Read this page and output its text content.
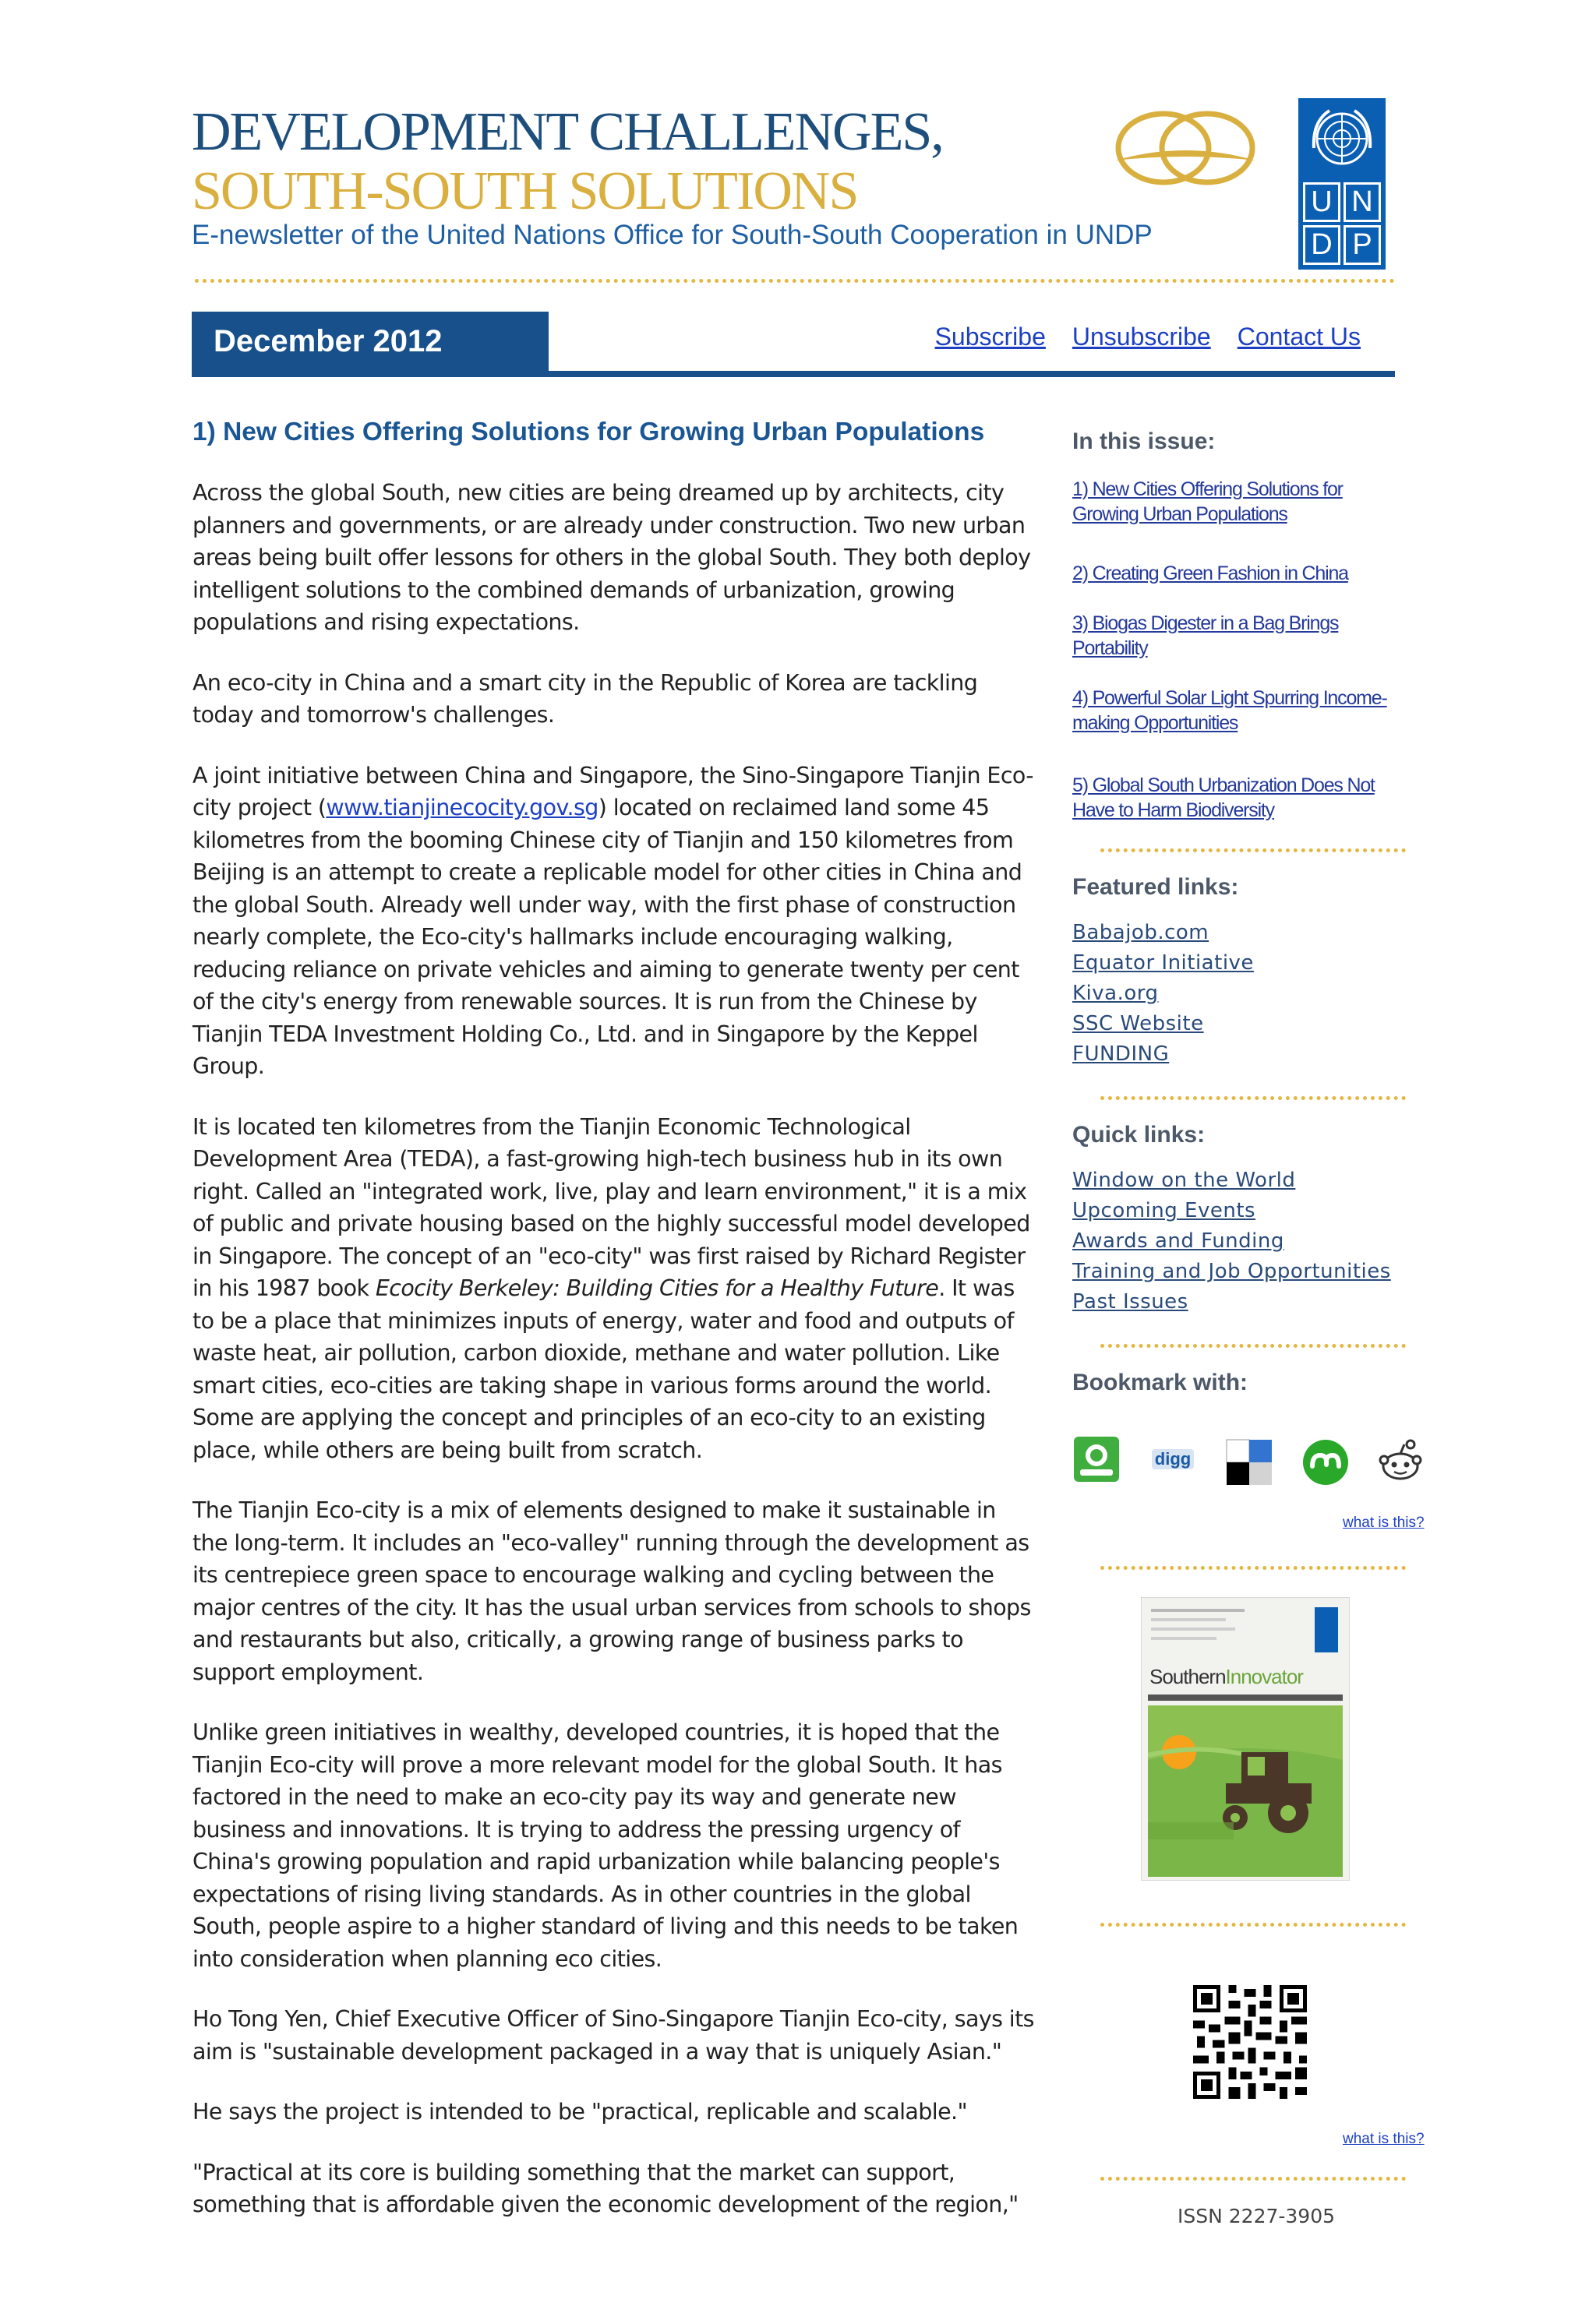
DEVELOPMENT CHALLENGES,
SOUTH-SOUTH SOLUTIONS
E-newsletter of the United Nations Office for South-South Cooperation in UNDP
U N
D P
December 2012	Subscribe Unsubscribe Contact Us
1) New Cities Offering Solutions for Growing Urban Populations

Across the global South, new cities are being dreamed up by architects, city planners and governments, or are already under construction. Two new urban areas being built offer lessons for others in the global South. They both deploy intelligent solutions to the combined demands of urbanization, growing populations and rising expectations.

An eco-city in China and a smart city in the Republic of Korea are tackling today and tomorrow's challenges.

A joint initiative between China and Singapore, the Sino-Singapore Tianjin Eco-city project (www.tianjinecocity.gov.sg) located on reclaimed land some 45 kilometres from the booming Chinese city of Tianjin and 150 kilometres from Beijing is an attempt to create a replicable model for other cities in China and the global South. Already well under way, with the first phase of construction nearly complete, the Eco-city's hallmarks include encouraging walking, reducing reliance on private vehicles and aiming to generate twenty per cent of the city's energy from renewable sources. It is run from the Chinese by Tianjin TEDA Investment Holding Co., Ltd. and in Singapore by the Keppel Group.

It is located ten kilometres from the Tianjin Economic Technological Development Area (TEDA), a fast-growing high-tech business hub in its own right. Called an "integrated work, live, play and learn environment," it is a mix of public and private housing based on the highly successful model developed in Singapore. The concept of an "eco-city" was first raised by Richard Register in his 1987 book Ecocity Berkeley: Building Cities for a Healthy Future. It was to be a place that minimizes inputs of energy, water and food and outputs of waste heat, air pollution, carbon dioxide, methane and water pollution. Like smart cities, eco-cities are taking shape in various forms around the world. Some are applying the concept and principles of an eco-city to an existing place, while others are being built from scratch.

The Tianjin Eco-city is a mix of elements designed to make it sustainable in the long-term. It includes an "eco-valley" running through the development as its centrepiece green space to encourage walking and cycling between the major centres of the city. It has the usual urban services from schools to shops and restaurants but also, critically, a growing range of business parks to support employment.

Unlike green initiatives in wealthy, developed countries, it is hoped that the Tianjin Eco-city will prove a more relevant model for the global South. It has factored in the need to make an eco-city pay its way and generate new business and innovations. It is trying to address the pressing urgency of China's growing population and rapid urbanization while balancing people's expectations of rising living standards. As in other countries in the global South, people aspire to a higher standard of living and this needs to be taken into consideration when planning eco cities.

Ho Tong Yen, Chief Executive Officer of Sino-Singapore Tianjin Eco-city, says its aim is "sustainable development packaged in a way that is uniquely Asian."

He says the project is intended to be "practical, replicable and scalable."

"Practical at its core is building something that the market can support, something that is affordable given the economic development of the region,"

In this issue:
1) New Cities Offering Solutions for
Growing Urban Populations
2) Creating Green Fashion in China
3) Biogas Digester in a Bag Brings
Portability
4) Powerful Solar Light Spurring Income-
making Opportunities
5) Global South Urbanization Does Not
Have to Harm Biodiversity
Featured links:
Babajob.com
Equator Initiative
Kiva.org
SSC Website
FUNDING
Quick links:
Window on the World
Upcoming Events
Awards and Funding
Training and Job Opportunities
Past Issues
Bookmark with:
digg
what is this?
SouthernInnovator
what is this?
ISSN 2227-3905
